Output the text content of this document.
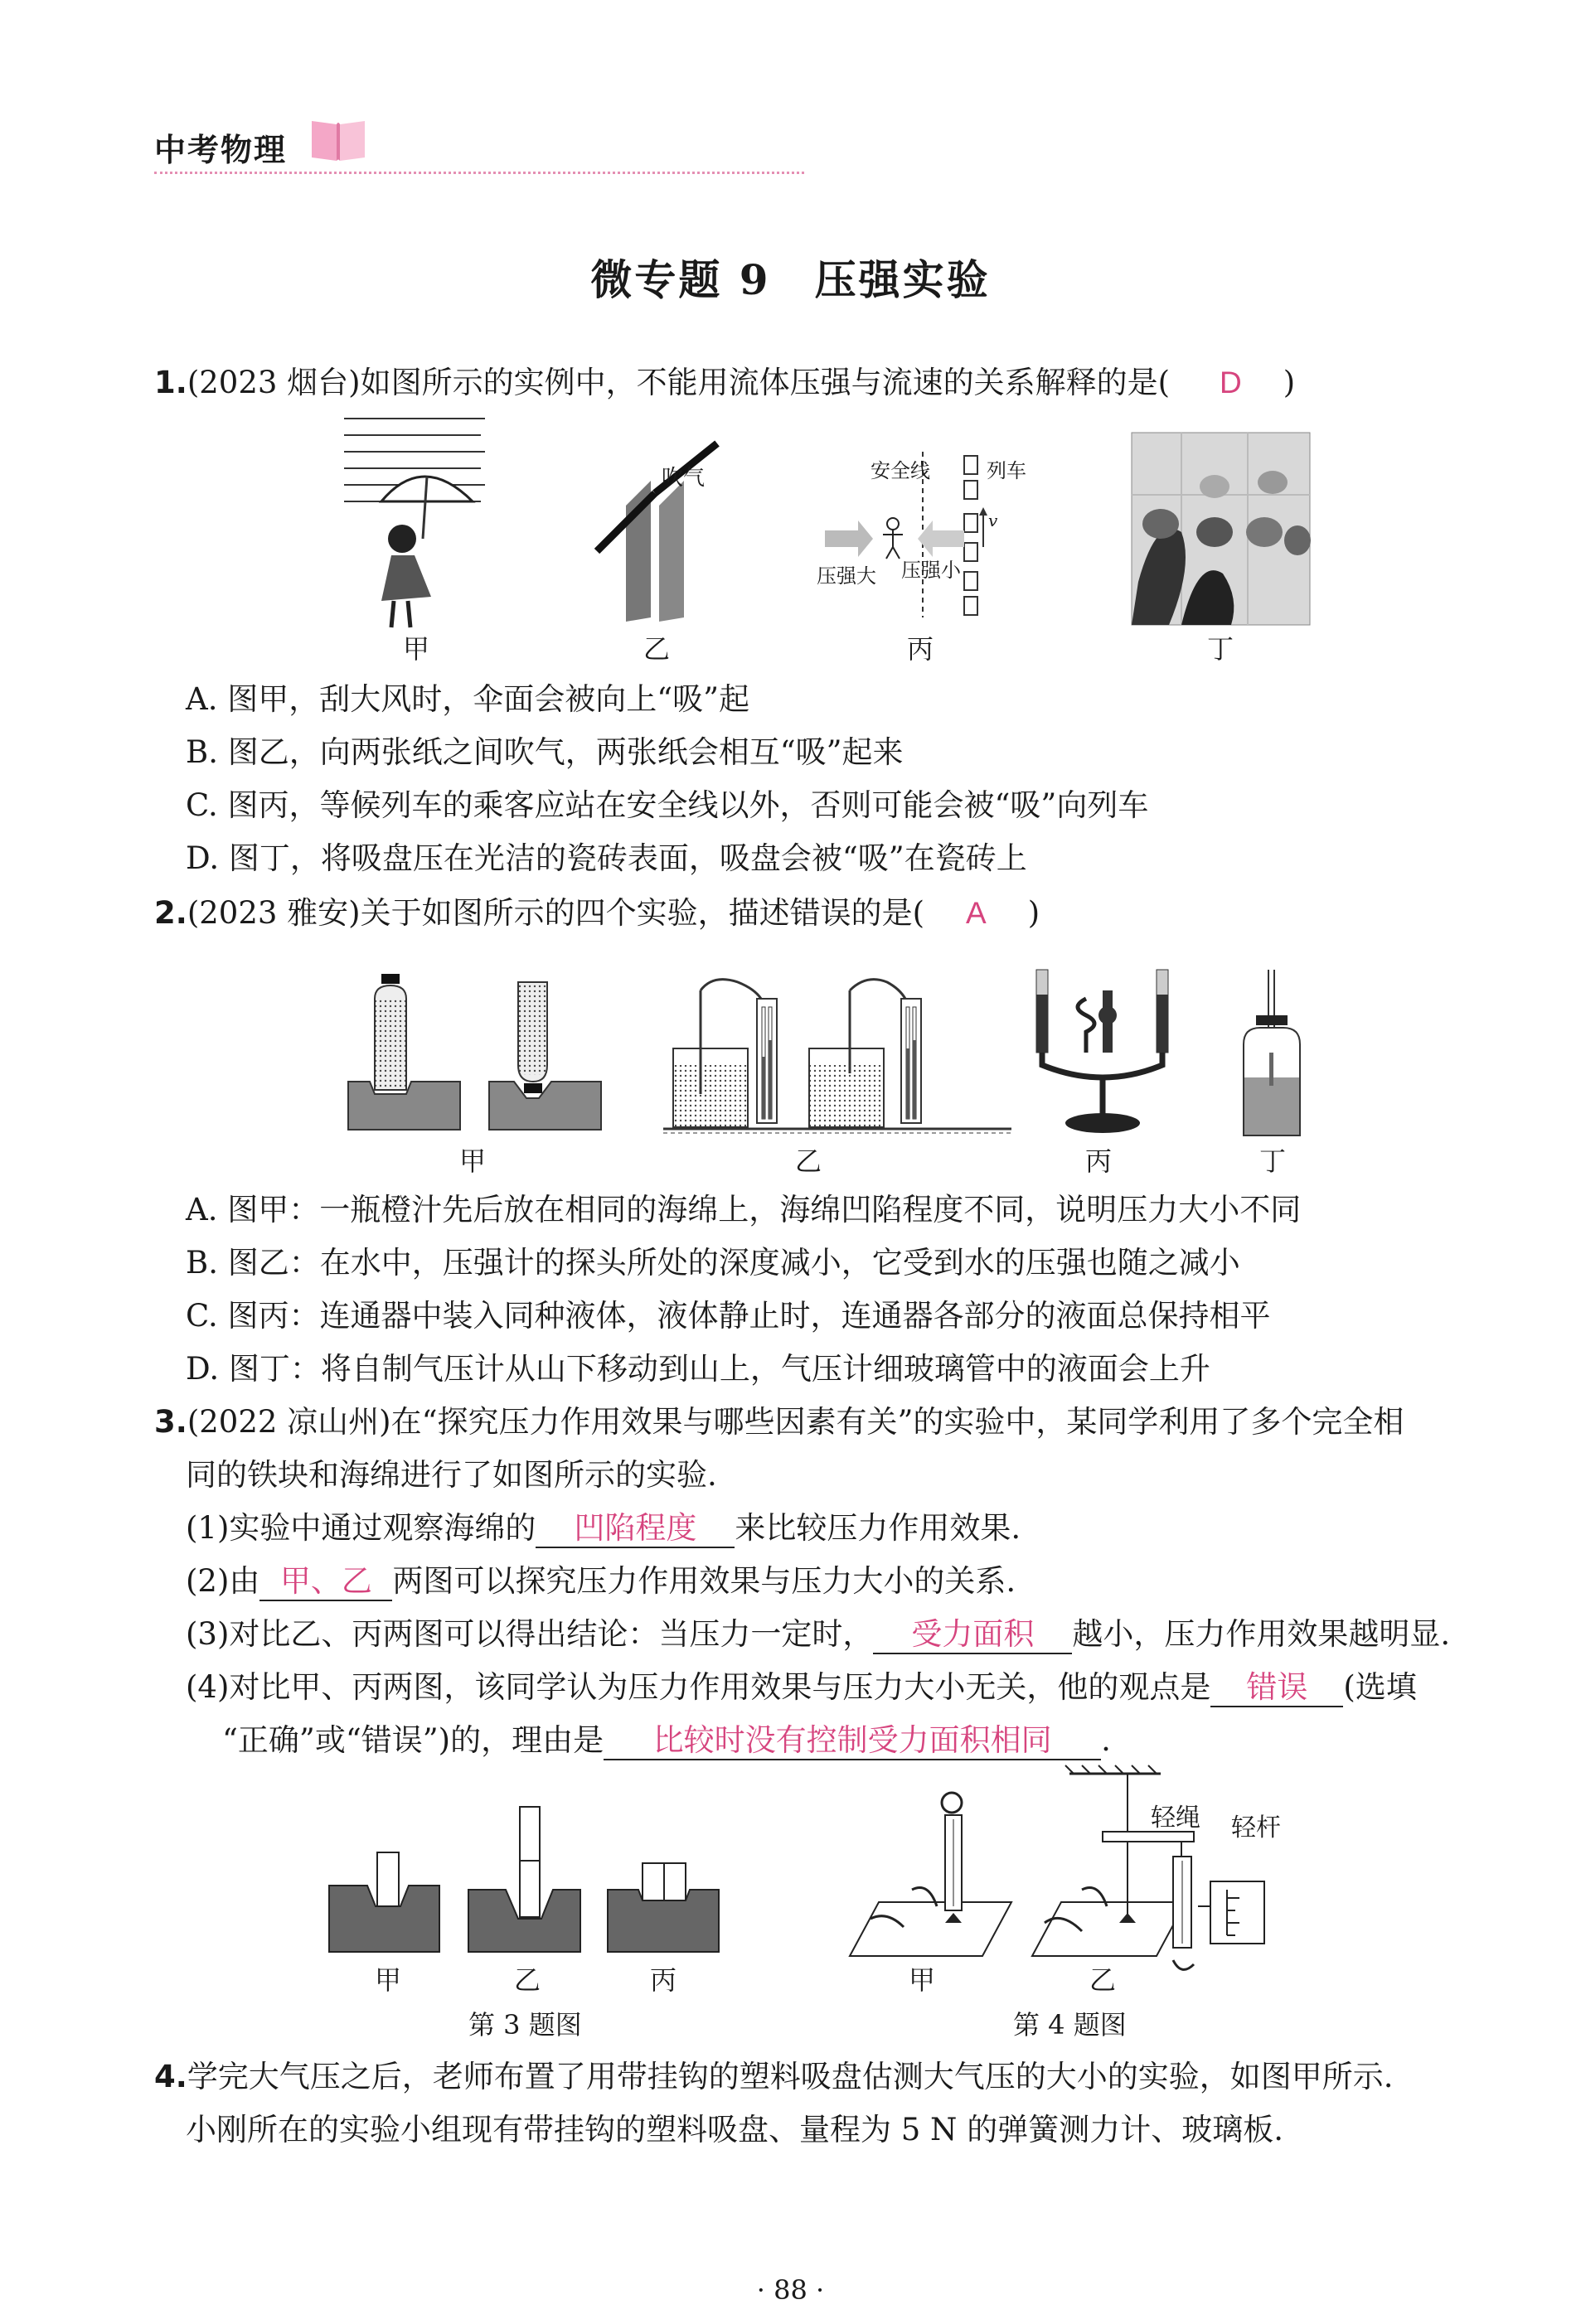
中考物理
微专题 9　压强实验
1.(2023 烟台)如图所示的实例中，不能用流体压强与流速的关系解释的是( D )
吹气	安全线	列车
v
压强大 压强小
甲	乙	丙	丁
A. 图甲，刮大风时，伞面会被向上“吸”起
B. 图乙，向两张纸之间吹气，两张纸会相互“吸”起来
C. 图丙，等候列车的乘客应站在安全线以外，否则可能会被“吸”向列车
D. 图丁，将吸盘压在光洁的瓷砖表面，吸盘会被“吸”在瓷砖上
2.(2023 雅安)关于如图所示的四个实验，描述错误的是( A )
甲	乙	丙	丁
A. 图甲：一瓶橙汁先后放在相同的海绵上，海绵凹陷程度不同，说明压力大小不同
B. 图乙：在水中，压强计的探头所处的深度减小，它受到水的压强也随之减小
C. 图丙：连通器中装入同种液体，液体静止时，连通器各部分的液面总保持相平
D. 图丁：将自制气压计从山下移动到山上，气压计细玻璃管中的液面会上升
3.(2022 凉山州)在“探究压力作用效果与哪些因素有关”的实验中，某同学利用了多个完全相
同的铁块和海绵进行了如图所示的实验.
(1)实验中通过观察海绵的 凹陷程度 来比较压力作用效果.
(2)由 甲、乙 两图可以探究压力作用效果与压力大小的关系.
(3)对比乙、丙两图可以得出结论：当压力一定时， 受力面积 越小，压力作用效果越明显.
(4)对比甲、丙两图，该同学认为压力作用效果与压力大小无关，他的观点是 错误 (选填
“正确”或“错误”)的，理由是 比较时没有控制受力面积相同 .
甲	乙	丙
第 3 题图
轻绳 轻杆
甲	乙
第 4 题图
4.学完大气压之后，老师布置了用带挂钩的塑料吸盘估测大气压的大小的实验，如图甲所示.
小刚所在的实验小组现有带挂钩的塑料吸盘、量程为 5 N 的弹簧测力计、玻璃板.
· 88 ·
